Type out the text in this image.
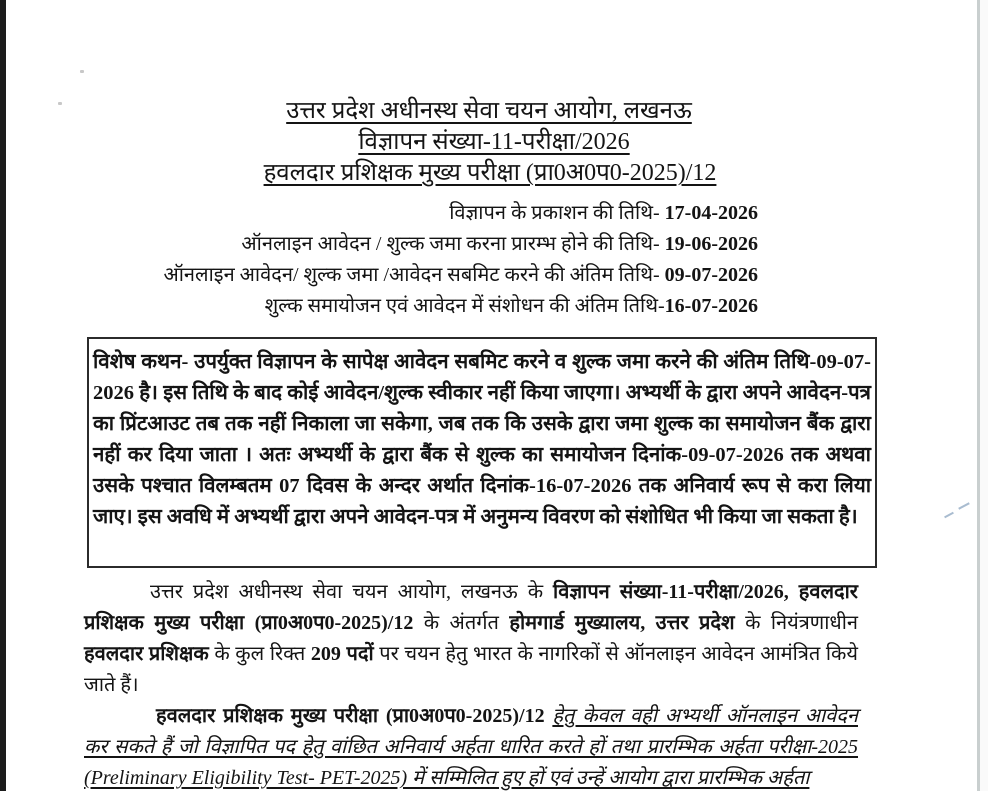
उत्तर प्रदेश अधीनस्थ सेवा चयन आयोग, लखनऊ
विज्ञापन संख्या-11-परीक्षा/2026
हवलदार प्रशिक्षक मुख्य परीक्षा (प्रा0अ0प0-2025)/12
विज्ञापन के प्रकाशन की तिथि- 17-04-2026
ऑनलाइन आवेदन / शुल्क जमा करना प्रारम्भ होने की तिथि- 19-06-2026
ऑनलाइन आवेदन/ शुल्क जमा /आवेदन सबमिट करने की अंतिम तिथि- 09-07-2026
शुल्क समायोजन एवं आवेदन में संशोधन की अंतिम तिथि-16-07-2026
विशेष कथन- उपर्युक्त विज्ञापन के सापेक्ष आवेदन सबमिट करने व शुल्क जमा करने की अंतिम तिथि-09-07-2026 है। इस तिथि के बाद कोई आवेदन/शुल्क स्वीकार नहीं किया जाएगा। अभ्यर्थी के द्वारा अपने आवेदन-पत्र का प्रिंटआउट तब तक नहीं निकाला जा सकेगा, जब तक कि उसके द्वारा जमा शुल्क का समायोजन बैंक द्वारा नहीं कर दिया जाता । अतः अभ्यर्थी के द्वारा बैंक से शुल्क का समायोजन दिनांक-09-07-2026 तक अथवा उसके पश्चात विलम्बतम 07 दिवस के अन्दर अर्थात दिनांक-16-07-2026 तक अनिवार्य रूप से करा लिया जाए। इस अवधि में अभ्यर्थी द्वारा अपने आवेदन-पत्र में अनुमन्य विवरण को संशोधित भी किया जा सकता है।
उत्तर प्रदेश अधीनस्थ सेवा चयन आयोग, लखनऊ के विज्ञापन संख्या-11-परीक्षा/2026, हवलदार प्रशिक्षक मुख्य परीक्षा (प्रा0अ0प0-2025)/12 के अंतर्गत होमगार्ड मुख्यालय, उत्तर प्रदेश के नियंत्रणाधीन हवलदार प्रशिक्षक के कुल रिक्त 209 पदों पर चयन हेतु भारत के नागरिकों से ऑनलाइन आवेदन आमंत्रित किये जाते हैं।
हवलदार प्रशिक्षक मुख्य परीक्षा (प्रा0अ0प0-2025)/12 हेतु केवल वही अभ्यर्थी ऑनलाइन आवेदन कर सकते हैं जो विज्ञापित पद हेतु वांछित अनिवार्य अर्हता धारित करते हों तथा प्रारम्भिक अर्हता परीक्षा-2025 (Preliminary Eligibility Test- PET-2025) में सम्मिलित हुए हों एवं उन्हें आयोग द्वारा प्रारम्भिक अर्हता
